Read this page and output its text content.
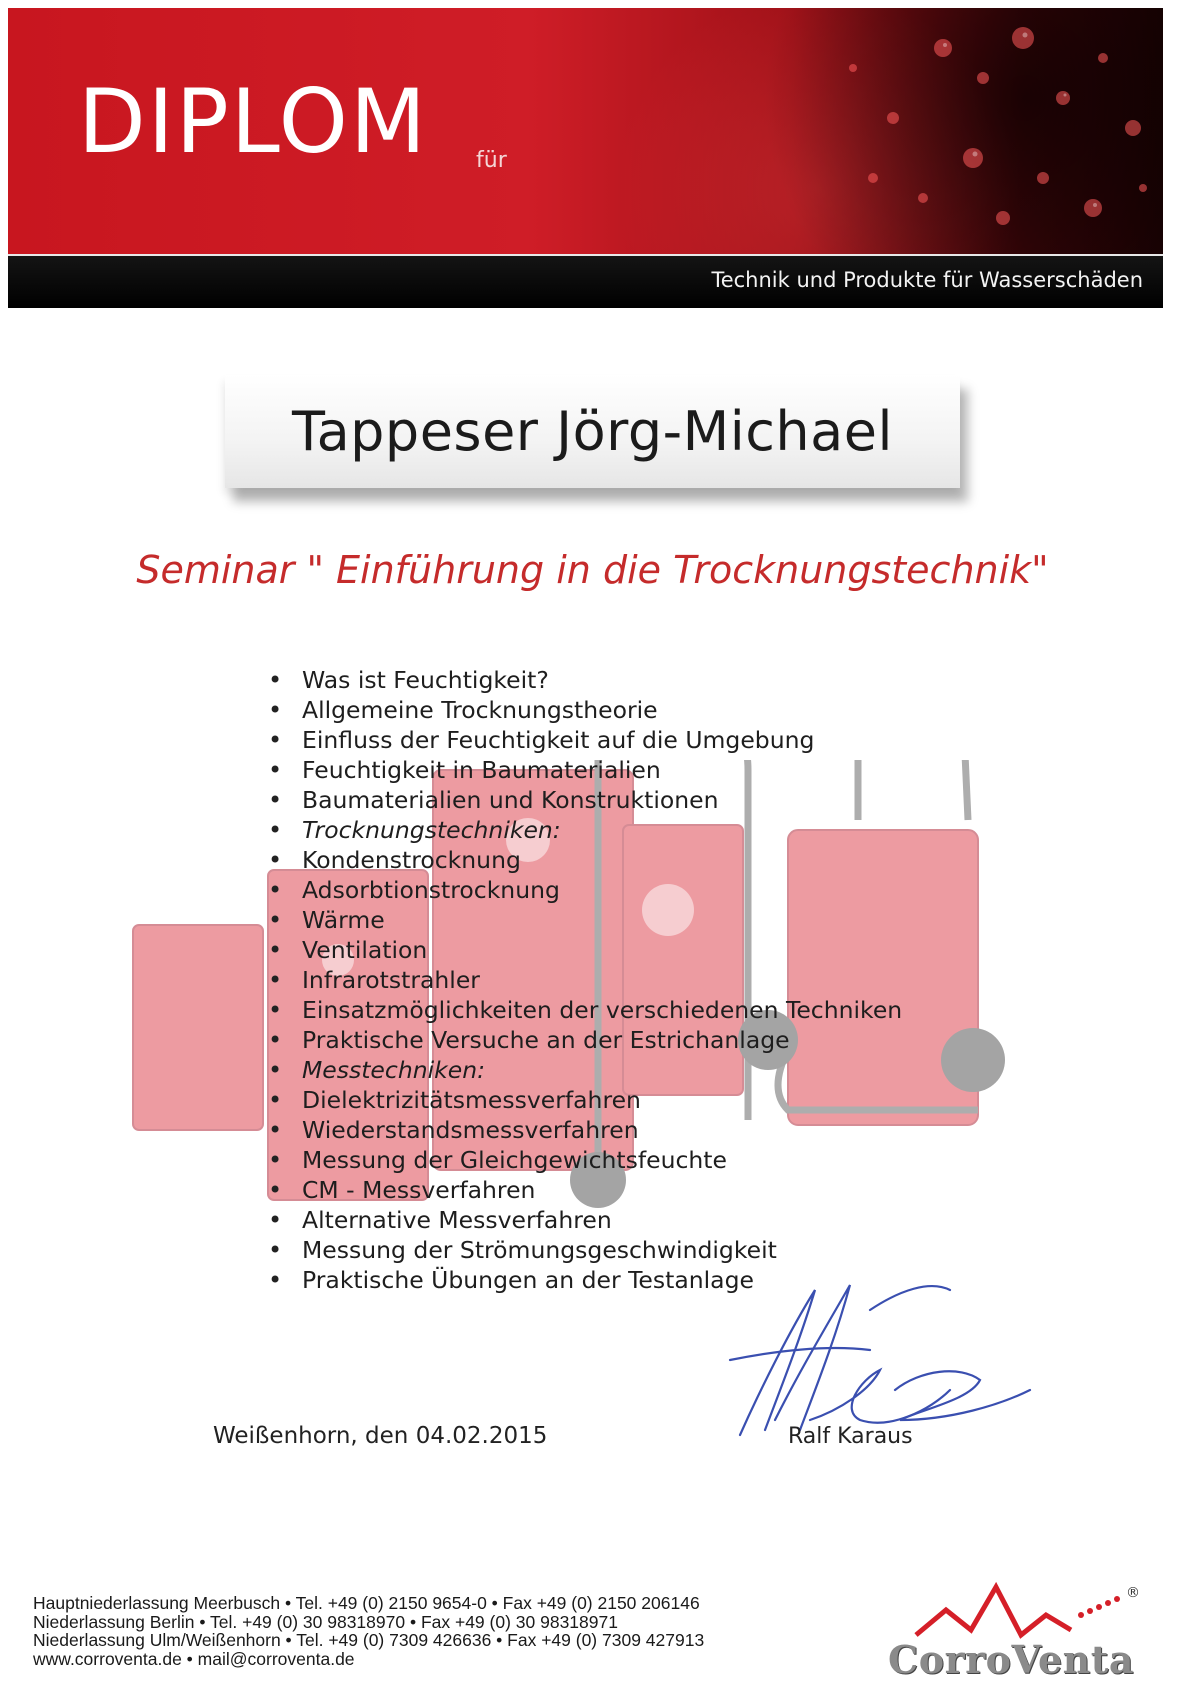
DIPLOM für
Technik und Produkte für Wasserschäden
Tappeser Jörg-Michael
Seminar " Einführung in die Trocknungstechnik"
• Was ist Feuchtigkeit?
• Allgemeine Trocknungstheorie
• Einfluss der Feuchtigkeit auf die Umgebung
• Feuchtigkeit in Baumaterialien
• Baumaterialien und Konstruktionen
• Trocknungstechniken:
• Kondenstrocknung
• Adsorbtionstrocknung
• Wärme
• Ventilation
• Infrarotstrahler
• Einsatzmöglichkeiten der verschiedenen Techniken
• Praktische Versuche an der Estrichanlage
• Messtechniken:
• Dielektrizitätsmessverfahren
• Wiederstandsmessverfahren
• Messung der Gleichgewichtsfeuchte
• CM - Messverfahren
• Alternative Messverfahren
• Messung der Strömungsgeschwindigkeit
• Praktische Übungen an der Testanlage
Weißenhorn, den 04.02.2015	Ralf Karaus
Hauptniederlassung Meerbusch • Tel. +49 (0) 2150 9654-0 • Fax +49 (0) 2150 206146
Niederlassung Berlin • Tel. +49 (0) 30 98318970 • Fax +49 (0) 30 98318971
Niederlassung Ulm/Weißenhorn • Tel. +49 (0) 7309 426636 • Fax +49 (0) 7309 427913
www.corroventa.de • mail@corroventa.de
®
CorroVenta
